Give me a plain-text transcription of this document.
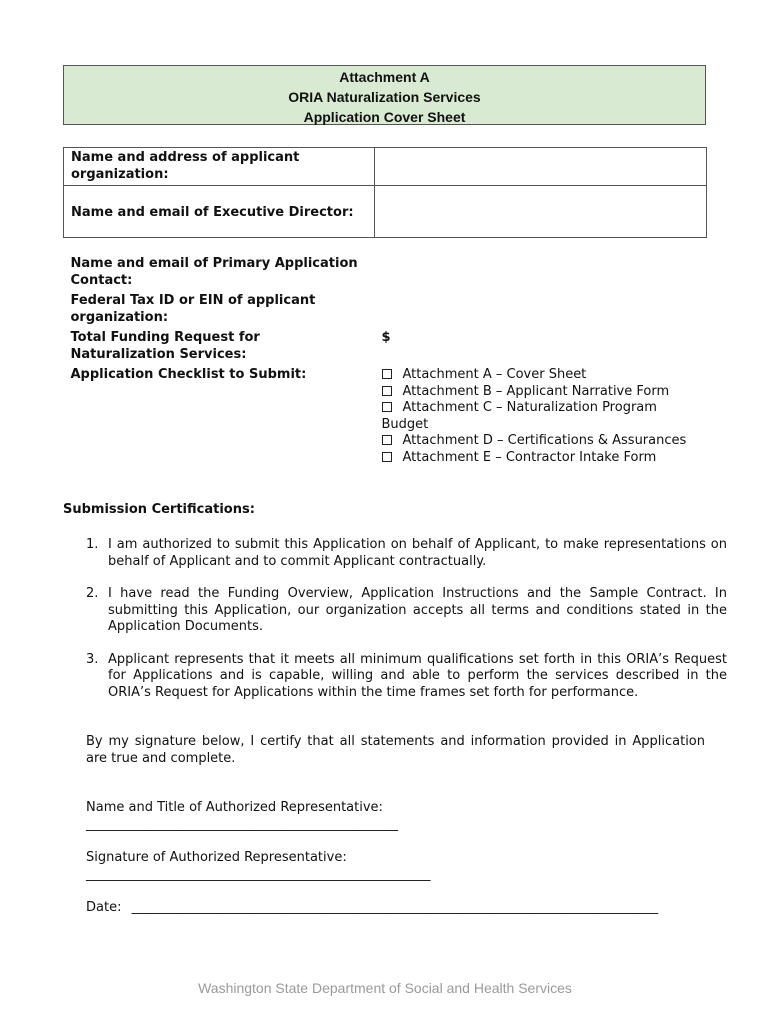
Attachment A
ORIA Naturalization Services
Application Cover Sheet
Name and address of applicant organization:	
Name and email of Executive Director:	
Name and email of Primary Application Contact:	
Federal Tax ID or EIN of applicant organization:	
Total Funding Request for Naturalization Services:	$
Application Checklist to Submit:	Attachment A – Cover Sheet
Attachment B – Applicant Narrative Form
Attachment C – Naturalization Program Budget
Attachment D – Certifications & Assurances
Attachment E – Contractor Intake Form
Submission Certifications:
1. I am authorized to submit this Application on behalf of Applicant, to make representations on behalf of Applicant and to commit Applicant contractually.
2. I have read the Funding Overview, Application Instructions and the Sample Contract. In submitting this Application, our organization accepts all terms and conditions stated in the Application Documents.
3. Applicant represents that it meets all minimum qualifications set forth in this ORIA’s Request for Applications and is capable, willing and able to perform the services described in the ORIA’s Request for Applications within the time frames set forth for performance.
By my signature below, I certify that all statements and information provided in Application are true and complete.
Name and Title of Authorized Representative:
________________________________________________
Signature of Authorized Representative:
_____________________________________________________
Date: _________________________________________________________________________________
Washington State Department of Social and Health Services
